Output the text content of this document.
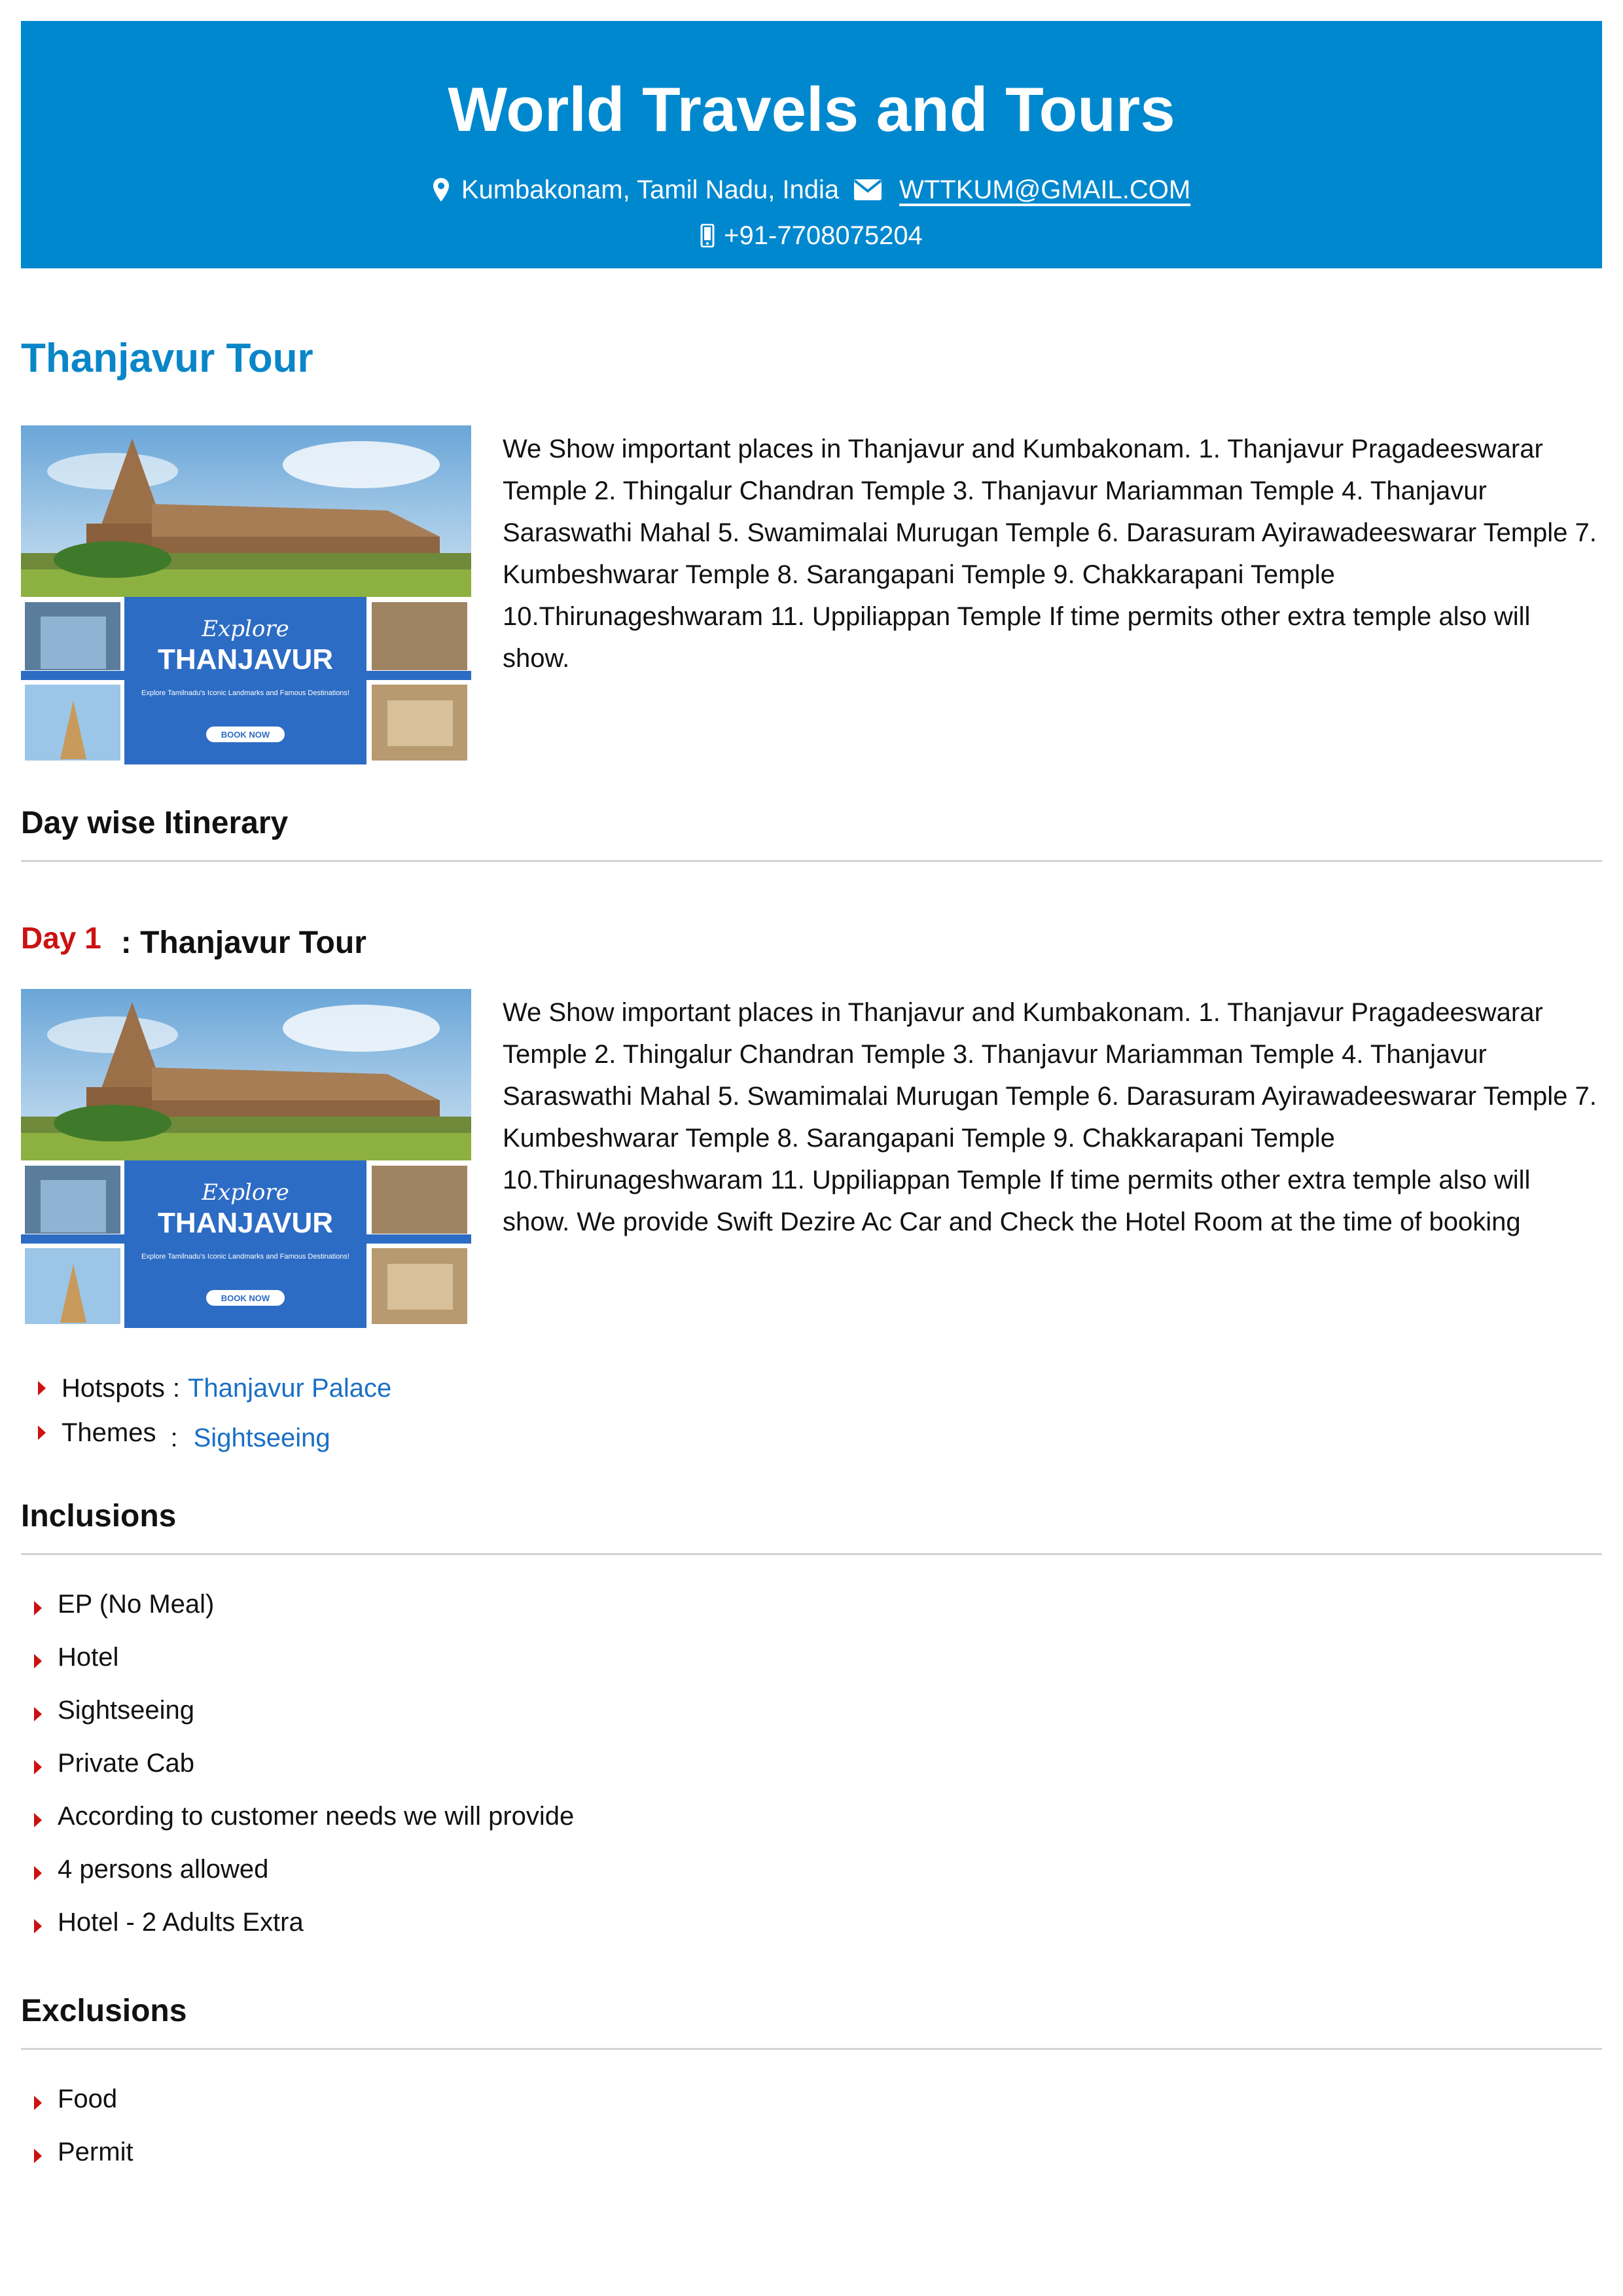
World Travels and Tours
Kumbakonam, Tamil Nadu, India WTTKUM@GMAIL.COM
+91-7708075204
Thanjavur Tour
Explore
THANJAVUR
Explore Tamilnadu's Iconic Landmarks and Famous Destinations!
BOOK NOW
We Show important places in Thanjavur and Kumbakonam. 1. Thanjavur Pragadeeswarar Temple 2. Thingalur Chandran Temple 3. Thanjavur Mariamman Temple 4. Thanjavur Saraswathi Mahal 5. Swamimalai Murugan Temple 6. Darasuram Ayirawadeeswarar Temple 7. Kumbeshwarar Temple 8. Sarangapani Temple 9. Chakkarapani Temple 10.Thirunageshwaram 11. Uppiliappan Temple If time permits other extra temple also will show.
Day wise Itinerary
Day 1 : Thanjavur Tour
Explore
THANJAVUR
Explore Tamilnadu's Iconic Landmarks and Famous Destinations!
BOOK NOW
We Show important places in Thanjavur and Kumbakonam. 1. Thanjavur Pragadeeswarar Temple 2. Thingalur Chandran Temple 3. Thanjavur Mariamman Temple 4. Thanjavur Saraswathi Mahal 5. Swamimalai Murugan Temple 6. Darasuram Ayirawadeeswarar Temple 7. Kumbeshwarar Temple 8. Sarangapani Temple 9. Chakkarapani Temple 10.Thirunageshwaram 11. Uppiliappan Temple If time permits other extra temple also will show. We provide Swift Dezire Ac Car and Check the Hotel Room at the time of booking
Hotspots : Thanjavur Palace
Themes : Sightseeing
Inclusions
EP (No Meal)
Hotel
Sightseeing
Private Cab
According to customer needs we will provide
4 persons allowed
Hotel - 2 Adults Extra
Exclusions
Food
Permit
